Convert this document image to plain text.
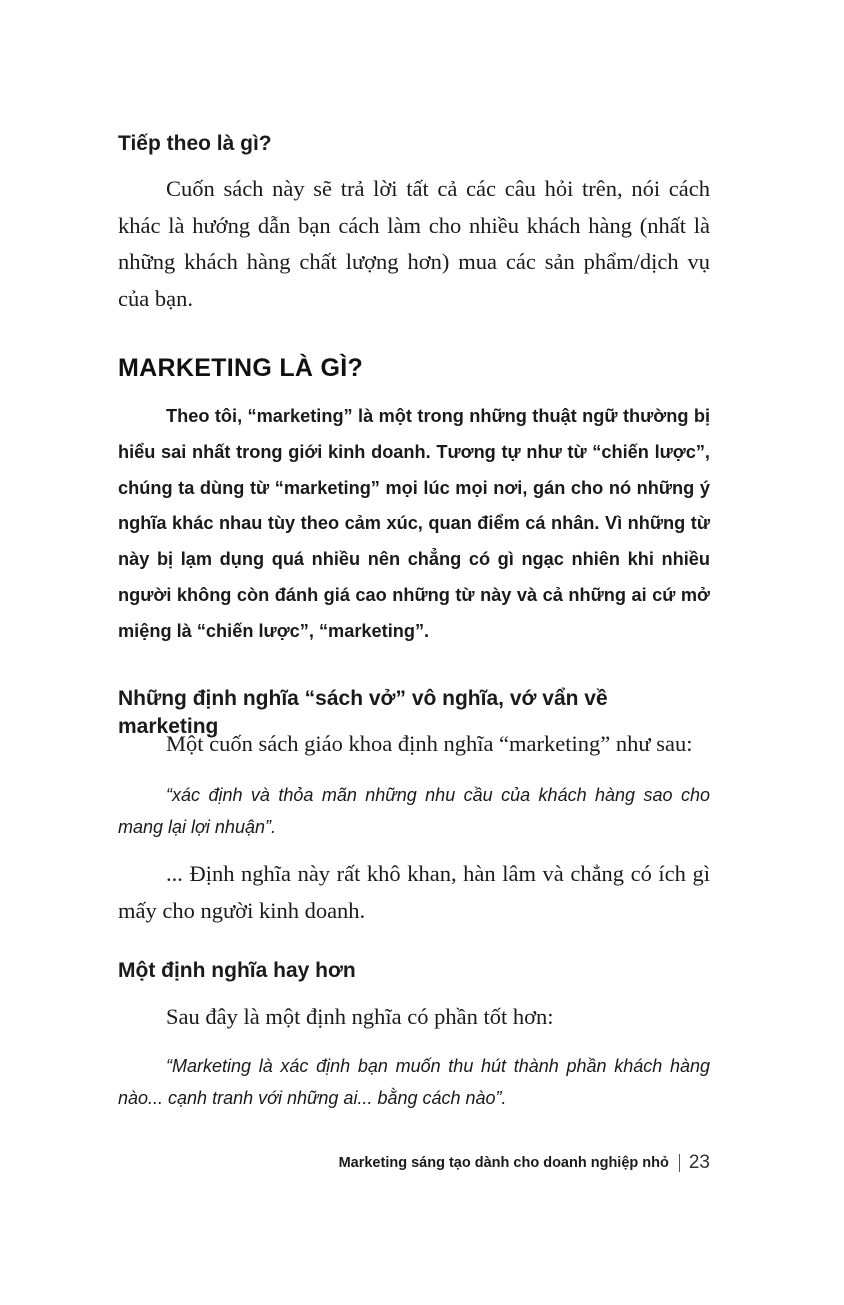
Tiếp theo là gì?

Cuốn sách này sẽ trả lời tất cả các câu hỏi trên, nói cách khác là hướng dẫn bạn cách làm cho nhiều khách hàng (nhất là những khách hàng chất lượng hơn) mua các sản phẩm/dịch vụ của bạn.

MARKETING LÀ GÌ?

Theo tôi, “marketing” là một trong những thuật ngữ thường bị hiểu sai nhất trong giới kinh doanh. Tương tự như từ “chiến lược”, chúng ta dùng từ “marketing” mọi lúc mọi nơi, gán cho nó những ý nghĩa khác nhau tùy theo cảm xúc, quan điểm cá nhân. Vì những từ này bị lạm dụng quá nhiều nên chẳng có gì ngạc nhiên khi nhiều người không còn đánh giá cao những từ này và cả những ai cứ mở miệng là “chiến lược”, “marketing”.

Những định nghĩa “sách vở” vô nghĩa, vớ vẩn về marketing

Một cuốn sách giáo khoa định nghĩa “marketing” như sau:

“xác định và thỏa mãn những nhu cầu của khách hàng sao cho mang lại lợi nhuận”.

... Định nghĩa này rất khô khan, hàn lâm và chẳng có ích gì mấy cho người kinh doanh.

Một định nghĩa hay hơn

Sau đây là một định nghĩa có phần tốt hơn:

“Marketing là xác định bạn muốn thu hút thành phần khách hàng nào... cạnh tranh với những ai... bằng cách nào”.

Marketing sáng tạo dành cho doanh nghiệp nhỏ 23
